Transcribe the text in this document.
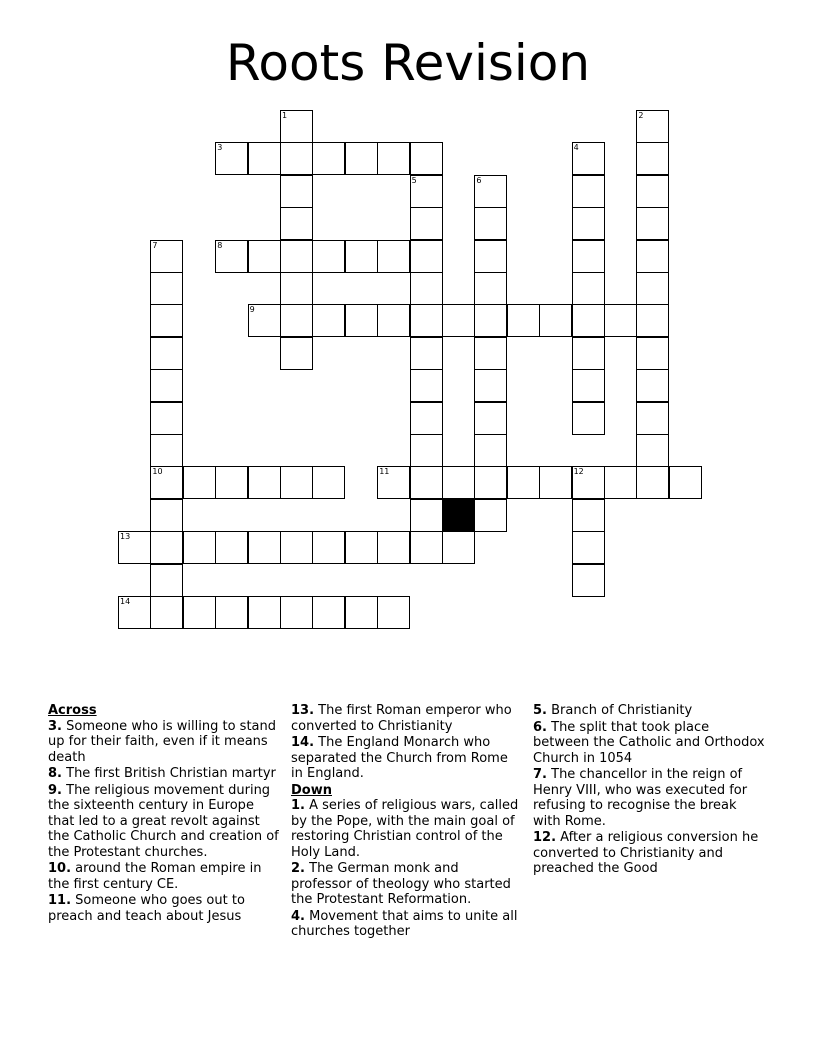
Roots Revision
1	2
3	4
5	6
7	8
9
10	11	12
13
14
Across
3. Someone who is willing to stand up for their faith, even if it means death
8. The first British Christian martyr
9. The religious movement during the sixteenth century in Europe that led to a great revolt against the Catholic Church and creation of the Protestant churches.
10. around the Roman empire in the first century CE.
11. Someone who goes out to preach and teach about Jesus
13. The first Roman emperor who converted to Christianity
14. The England Monarch who separated the Church from Rome in England.
Down
1. A series of religious wars, called by the Pope, with the main goal of restoring Christian control of the Holy Land.
2. The German monk and professor of theology who started the Protestant Reformation.
4. Movement that aims to unite all churches together
5. Branch of Christianity
6. The split that took place between the Catholic and Orthodox Church in 1054
7. The chancellor in the reign of Henry VIII, who was executed for refusing to recognise the break with Rome.
12. After a religious conversion he converted to Christianity and preached the Good
